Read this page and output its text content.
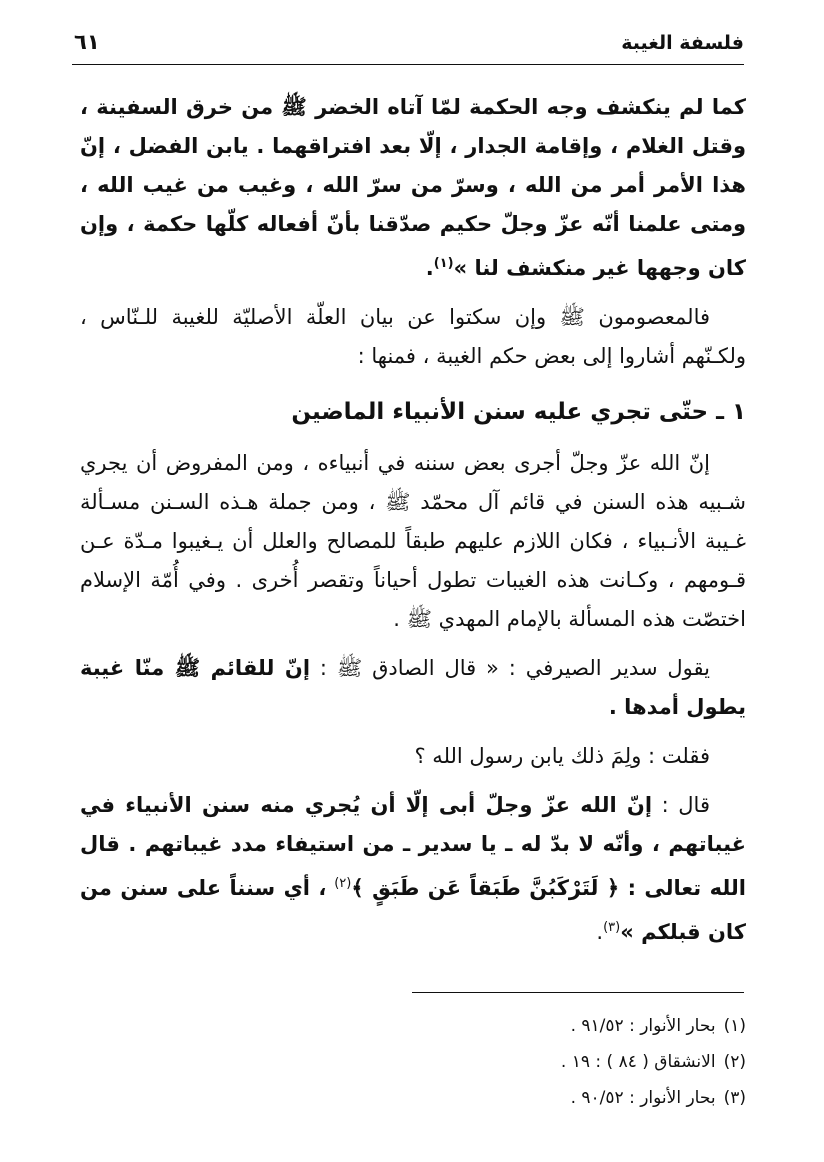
فلسفة الغيبة
٦١

كما لم ينكشف وجه الحكمة لمّا آتاه الخضر ﷺ من خرق السفينة ، وقتل الغلام ، وإقامة الجدار ، إلّا بعد افتراقهما . يابن الفضل ، إنّ هذا الأمر أمر من الله ، وسرّ من سرّ الله ، وغيب من غيب الله ، ومتى علمنا أنّه عزّ وجلّ حكيم صدّقنا بأنّ أفعاله كلّها حكمة ، وإن كان وجهها غير منكشف لنا »$^{(١)}$.

فالمعصومون ﷺ وإن سكتوا عن بيان العلّة الأصليّة للغيبة للـنّاس ، ولكـنّهم أشاروا إلى بعض حكم الغيبة ، فمنها :

١ ـ حتّى تجري عليه سنن الأنبياء الماضين

إنّ الله عزّ وجلّ أجرى بعض سننه في أنبياءه ، ومن المفروض أن يجري شـبيه هذه السنن في قائم آل محمّد ﷺ ، ومن جملة هـذه السـنن مسـألة غـيبة الأنـبياء ، فكان اللازم عليهم طبقاً للمصالح والعلل أن يـغيبوا مـدّة عـن قـومهم ، وكـانت هذه الغيبات تطول أحياناً وتقصر أُخرى . وفي أُمّة الإسلام اختصّت هذه المسألة بالإمام المهدي ﷺ .

يقول سدير الصيرفي : « قال الصادق ﷺ : إنّ للقائم ﷺ منّا غيبة يطول أمدها .

فقلت : ولِمَ ذلك يابن رسول الله ؟

قال : إنّ الله عزّ وجلّ أبى إلّا أن يُجري منه سنن الأنبياء في غيباتهم ، وأنّه لا بدّ له ـ يا سدير ـ من استيفاء مدد غيباتهم . قال الله تعالى : ﴿ لَتَرْكَبُنَّ طَبَقاً عَن طَبَقٍ ﴾$^{(٢)}$ ، أي سنناً على سنن من كان قبلكم »$^{(٣)}$.

(١)بحار الأنوار : ٩١/٥٢ .

(٢)الانشقاق ( ٨٤ ) : ١٩ .

(٣)بحار الأنوار : ٩٠/٥٢ .
